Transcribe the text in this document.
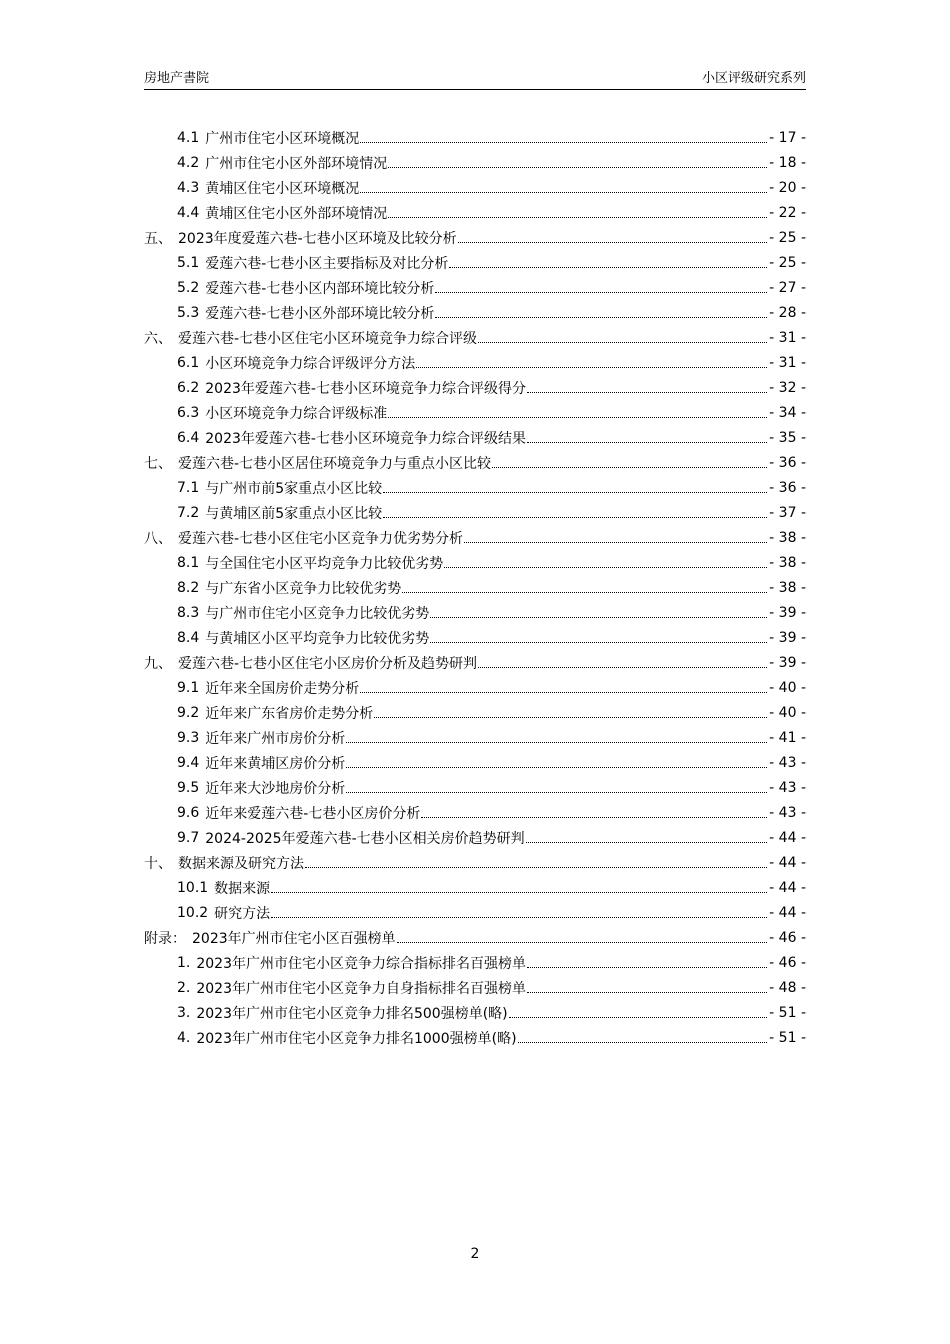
房地产書院	小区评级研究系列
4.1 广州市住宅小区环境概况	- 17 -
4.2 广州市住宅小区外部环境情况	- 18 -
4.3 黄埔区住宅小区环境概况	- 20 -
4.4 黄埔区住宅小区外部环境情况	- 22 -
五、 2023年度爱莲六巷-七巷小区环境及比较分析	- 25 -
5.1 爱莲六巷-七巷小区主要指标及对比分析	- 25 -
5.2 爱莲六巷-七巷小区内部环境比较分析	- 27 -
5.3 爱莲六巷-七巷小区外部环境比较分析	- 28 -
六、 爱莲六巷-七巷小区住宅小区环境竞争力综合评级	- 31 -
6.1 小区环境竞争力综合评级评分方法	- 31 -
6.2 2023年爱莲六巷-七巷小区环境竞争力综合评级得分	- 32 -
6.3 小区环境竞争力综合评级标准	- 34 -
6.4 2023年爱莲六巷-七巷小区环境竞争力综合评级结果	- 35 -
七、 爱莲六巷-七巷小区居住环境竞争力与重点小区比较	- 36 -
7.1 与广州市前5家重点小区比较	- 36 -
7.2 与黄埔区前5家重点小区比较	- 37 -
八、 爱莲六巷-七巷小区住宅小区竞争力优劣势分析	- 38 -
8.1 与全国住宅小区平均竞争力比较优劣势	- 38 -
8.2 与广东省小区竞争力比较优劣势	- 38 -
8.3 与广州市住宅小区竞争力比较优劣势	- 39 -
8.4 与黄埔区小区平均竞争力比较优劣势	- 39 -
九、 爱莲六巷-七巷小区住宅小区房价分析及趋势研判	- 39 -
9.1 近年来全国房价走势分析	- 40 -
9.2 近年来广东省房价走势分析	- 40 -
9.3 近年来广州市房价分析	- 41 -
9.4 近年来黄埔区房价分析	- 43 -
9.5 近年来大沙地房价分析	- 43 -
9.6 近年来爱莲六巷-七巷小区房价分析	- 43 -
9.7 2024-2025年爱莲六巷-七巷小区相关房价趋势研判	- 44 -
十、 数据来源及研究方法	- 44 -
10.1 数据来源	- 44 -
10.2 研究方法	- 44 -
附录： 2023年广州市住宅小区百强榜单	- 46 -
1. 2023年广州市住宅小区竞争力综合指标排名百强榜单	- 46 -
2. 2023年广州市住宅小区竞争力自身指标排名百强榜单	- 48 -
3. 2023年广州市住宅小区竞争力排名500强榜单(略)	- 51 -
4. 2023年广州市住宅小区竞争力排名1000强榜单(略)	- 51 -
2
